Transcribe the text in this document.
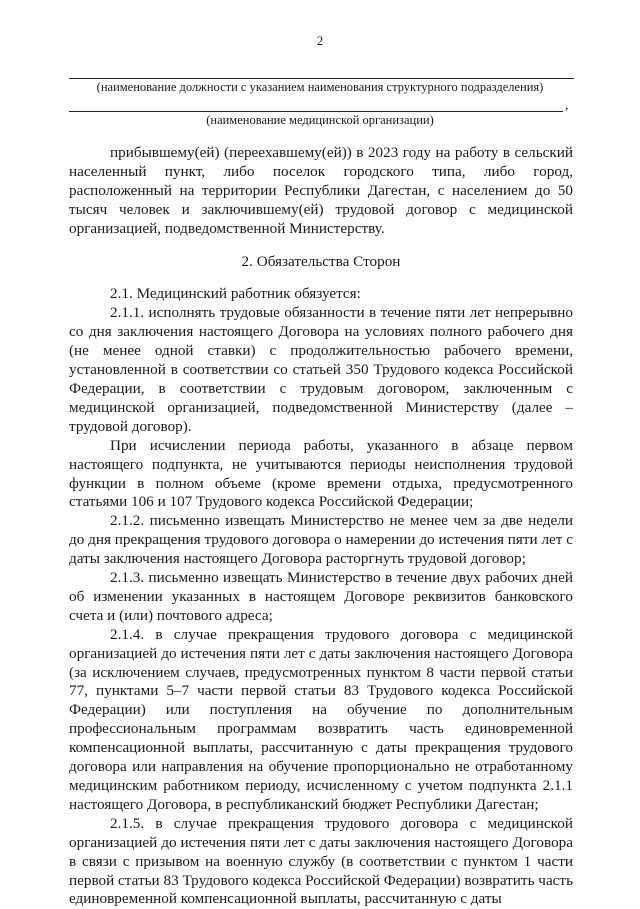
2
(наименование должности с указанием наименования структурного подразделения)
,
(наименование медицинской организации)

прибывшему(ей) (переехавшему(ей)) в 2023 году на работу в сельский населенный пункт, либо поселок городского типа, либо город, расположенный на территории Республики Дагестан, с населением до 50 тысяч человек и заключившему(ей) трудовой договор с медицинской организацией, подведомственной Министерству.

2. Обязательства Сторон

2.1. Медицинский работник обязуется:

2.1.1. исполнять трудовые обязанности в течение пяти лет непрерывно со дня заключения настоящего Договора на условиях полного рабочего дня (не менее одной ставки) с продолжительностью рабочего времени, установленной в соответствии со статьей 350 Трудового кодекса Российской Федерации, в соответствии с трудовым договором, заключенным с медицинской организацией, подведомственной Министерству (далее – трудовой договор).

При исчислении периода работы, указанного в абзаце первом настоящего подпункта, не учитываются периоды неисполнения трудовой функции в полном объеме (кроме времени отдыха, предусмотренного статьями 106 и 107 Трудового кодекса Российской Федерации;

2.1.2. письменно извещать Министерство не менее чем за две недели до дня прекращения трудового договора о намерении до истечения пяти лет с даты заключения настоящего Договора расторгнуть трудовой договор;

2.1.3. письменно извещать Министерство в течение двух рабочих дней об изменении указанных в настоящем Договоре реквизитов банковского счета и (или) почтового адреса;

2.1.4. в случае прекращения трудового договора с медицинской организацией до истечения пяти лет с даты заключения настоящего Договора (за исключением случаев, предусмотренных пунктом 8 части первой статьи 77, пунктами 5–7 части первой статьи 83 Трудового кодекса Российской Федерации) или поступления на обучение по дополнительным профессиональным программам возвратить часть единовременной компенсационной выплаты, рассчитанную с даты прекращения трудового договора или направления на обучение пропорционально не отработанному медицинским работником периоду, исчисленному с учетом подпункта 2.1.1 настоящего Договора, в республиканский бюджет Республики Дагестан;

2.1.5. в случае прекращения трудового договора с медицинской организацией до истечения пяти лет с даты заключения настоящего Договора в связи с призывом на военную службу (в соответствии с пунктом 1 части первой статьи 83 Трудового кодекса Российской Федерации) возвратить часть единовременной компенсационной выплаты, рассчитанную с даты
